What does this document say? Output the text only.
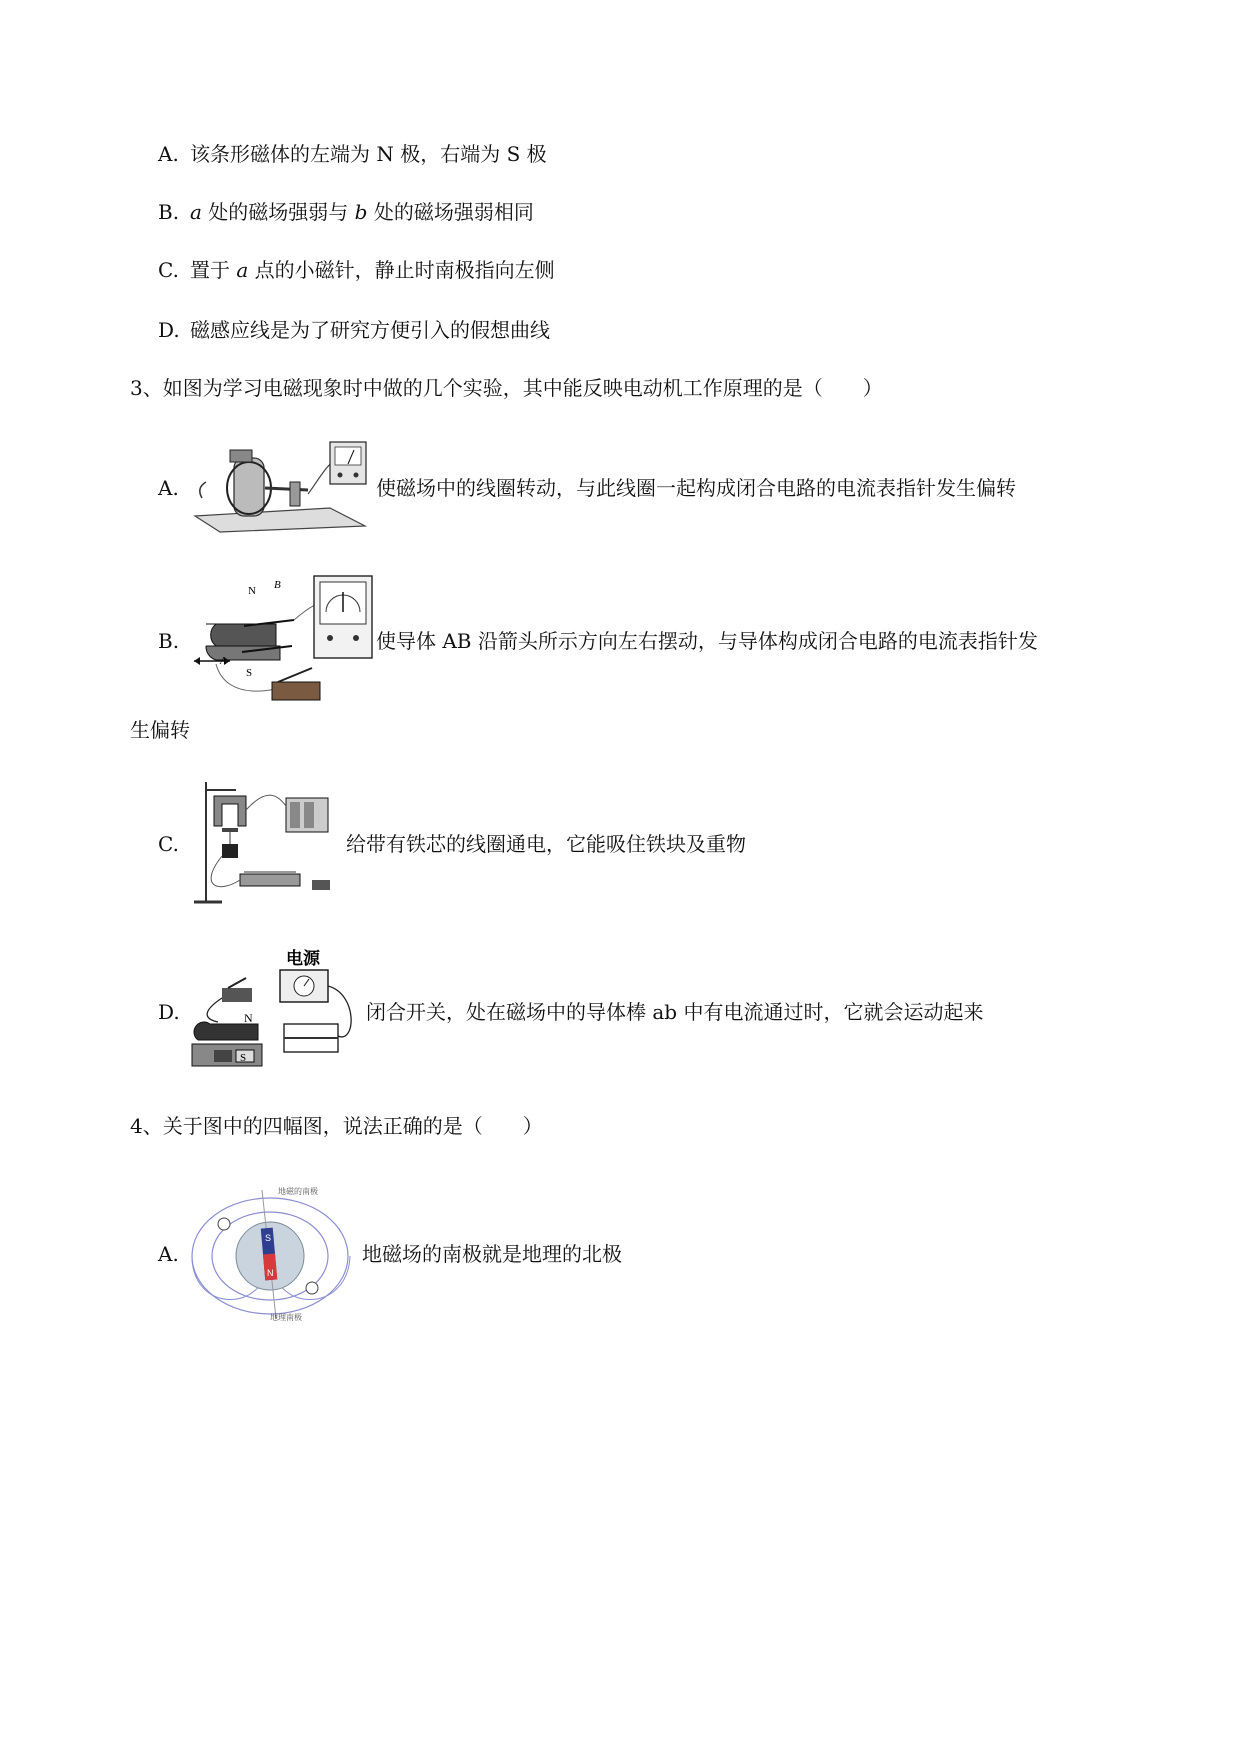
A. 该条形磁体的左端为 N 极，右端为 S 极
B. a 处的磁场强弱与 b 处的磁场强弱相同
C. 置于 a 点的小磁针，静止时南极指向左侧
D. 磁感应线是为了研究方便引入的假想曲线
3、如图为学习电磁现象时中做的几个实验，其中能反映电动机工作原理的是（　　）
A.	使磁场中的线圈转动，与此线圈一起构成闭合电路的电流表指针发生偏转
B.
N B
S
A
使导体 AB 沿箭头所示方向左右摆动，与导体构成闭合电路的电流表指针发
生偏转
C.	给带有铁芯的线圈通电，它能吸住铁块及重物
D.
电源
N
S
闭合开关，处在磁场中的导体棒 ab 中有电流通过时，它就会运动起来
4、关于图中的四幅图，说法正确的是（　　）
A.
地磁的南极
地理南极
S
N
地磁场的南极就是地理的北极
